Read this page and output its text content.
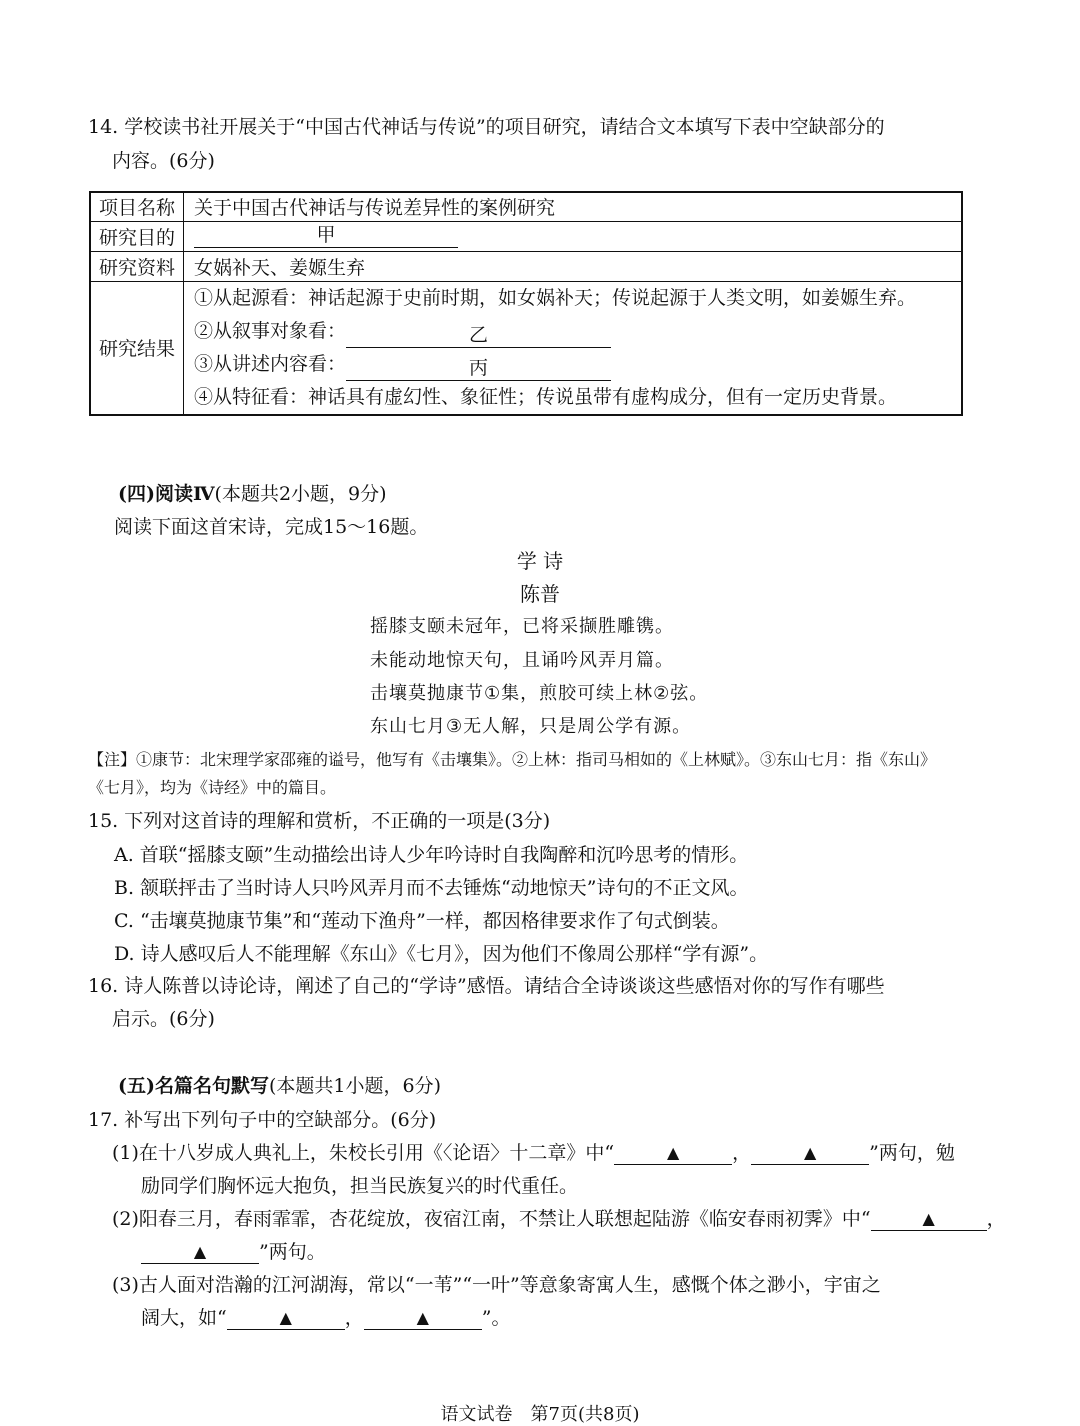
14. 学校读书社开展关于“中国古代神话与传说”的项目研究，请结合文本填写下表中空缺部分的
内容。(6分)
项目名称	关于中国古代神话与传说差异性的案例研究
研究目的	甲
研究资料	女娲补天、姜嫄生弃
研究结果	①从起源看：神话起源于史前时期，如女娲补天；传说起源于人类文明，如姜嫄生弃。
②从叙事对象看： 乙
③从讲述内容看： 丙
④从特征看：神话具有虚幻性、象征性；传说虽带有虚构成分，但有一定历史背景。
(四)阅读Ⅳ(本题共2小题，9分)
阅读下面这首宋诗，完成15～16题。
学 诗
陈普
摇膝支颐未冠年，已将采撷胜雕镌。
未能动地惊天句，且诵吟风弄月篇。
击壤莫抛康节①集，煎胶可续上林②弦。
东山七月③无人解，只是周公学有源。
【注】①康节：北宋理学家邵雍的谥号，他写有《击壤集》。②上林：指司马相如的《上林赋》。③东山七月：指《东山》
《七月》，均为《诗经》中的篇目。
15. 下列对这首诗的理解和赏析，不正确的一项是(3分)
A. 首联“摇膝支颐”生动描绘出诗人少年吟诗时自我陶醉和沉吟思考的情形。
B. 颔联抨击了当时诗人只吟风弄月而不去锤炼“动地惊天”诗句的不正文风。
C. “击壤莫抛康节集”和“莲动下渔舟”一样，都因格律要求作了句式倒装。
D. 诗人感叹后人不能理解《东山》《七月》，因为他们不像周公那样“学有源”。
16. 诗人陈普以诗论诗，阐述了自己的“学诗”感悟。请结合全诗谈谈这些感悟对你的写作有哪些
启示。(6分)
(五)名篇名句默写(本题共1小题，6分)
17. 补写出下列句子中的空缺部分。(6分)
(1)在十八岁成人典礼上，朱校长引用《〈论语〉十二章》中“	▲	，	▲	”两句，勉
励同学们胸怀远大抱负，担当民族复兴的时代重任。
(2)阳春三月，春雨霏霏，杏花绽放，夜宿江南，不禁让人联想起陆游《临安春雨初霁》中“	▲	，
▲	”两句。
(3)古人面对浩瀚的江河湖海，常以“一苇”“一叶”等意象寄寓人生，感慨个体之渺小，宇宙之
阔大，如“	▲	，	▲	”。
语文试卷　第7页(共8页)
